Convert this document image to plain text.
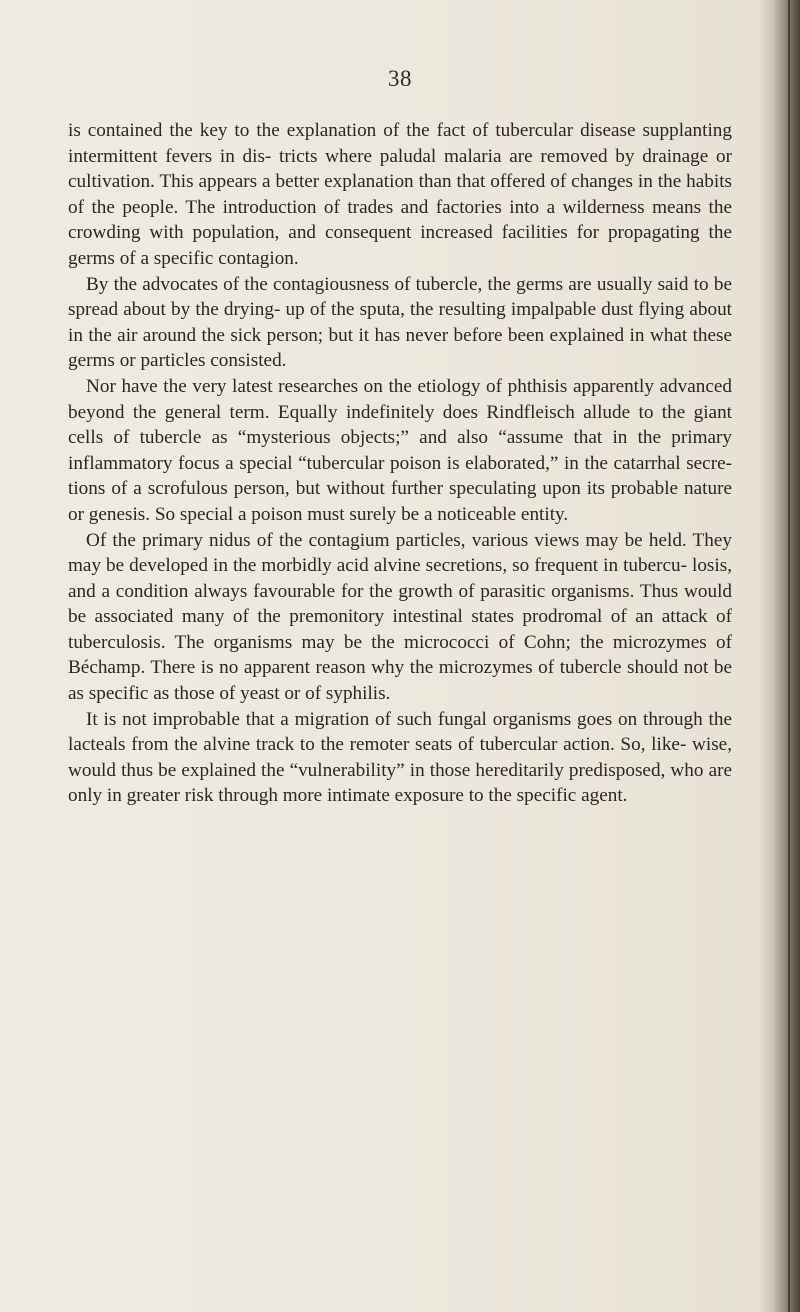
38

is contained the key to the explanation of the fact of tubercular disease supplanting intermittent fevers in dis- tricts where paludal malaria are removed by drainage or cultivation. This appears a better explanation than that offered of changes in the habits of the people. The introduction of trades and factories into a wilderness means the crowding with population, and consequent increased facilities for propagating the germs of a specific contagion.

By the advocates of the contagiousness of tubercle, the germs are usually said to be spread about by the drying- up of the sputa, the resulting impalpable dust flying about in the air around the sick person; but it has never before been explained in what these germs or particles consisted.

Nor have the very latest researches on the etiology of phthisis apparently advanced beyond the general term. Equally indefinitely does Rindfleisch allude to the giant cells of tubercle as “mysterious objects;” and also “assume that in the primary inflammatory focus a special “tubercular poison is elaborated,” in the catarrhal secre- tions of a scrofulous person, but without further speculating upon its probable nature or genesis. So special a poison must surely be a noticeable entity.

Of the primary nidus of the contagium particles, various views may be held. They may be developed in the morbidly acid alvine secretions, so frequent in tubercu- losis, and a condition always favourable for the growth of parasitic organisms. Thus would be associated many of the premonitory intestinal states prodromal of an attack of tuberculosis. The organisms may be the micrococci of Cohn; the microzymes of Béchamp. There is no apparent reason why the microzymes of tubercle should not be as specific as those of yeast or of syphilis.

It is not improbable that a migration of such fungal organisms goes on through the lacteals from the alvine track to the remoter seats of tubercular action. So, like- wise, would thus be explained the “vulnerability” in those hereditarily predisposed, who are only in greater risk through more intimate exposure to the specific agent.
